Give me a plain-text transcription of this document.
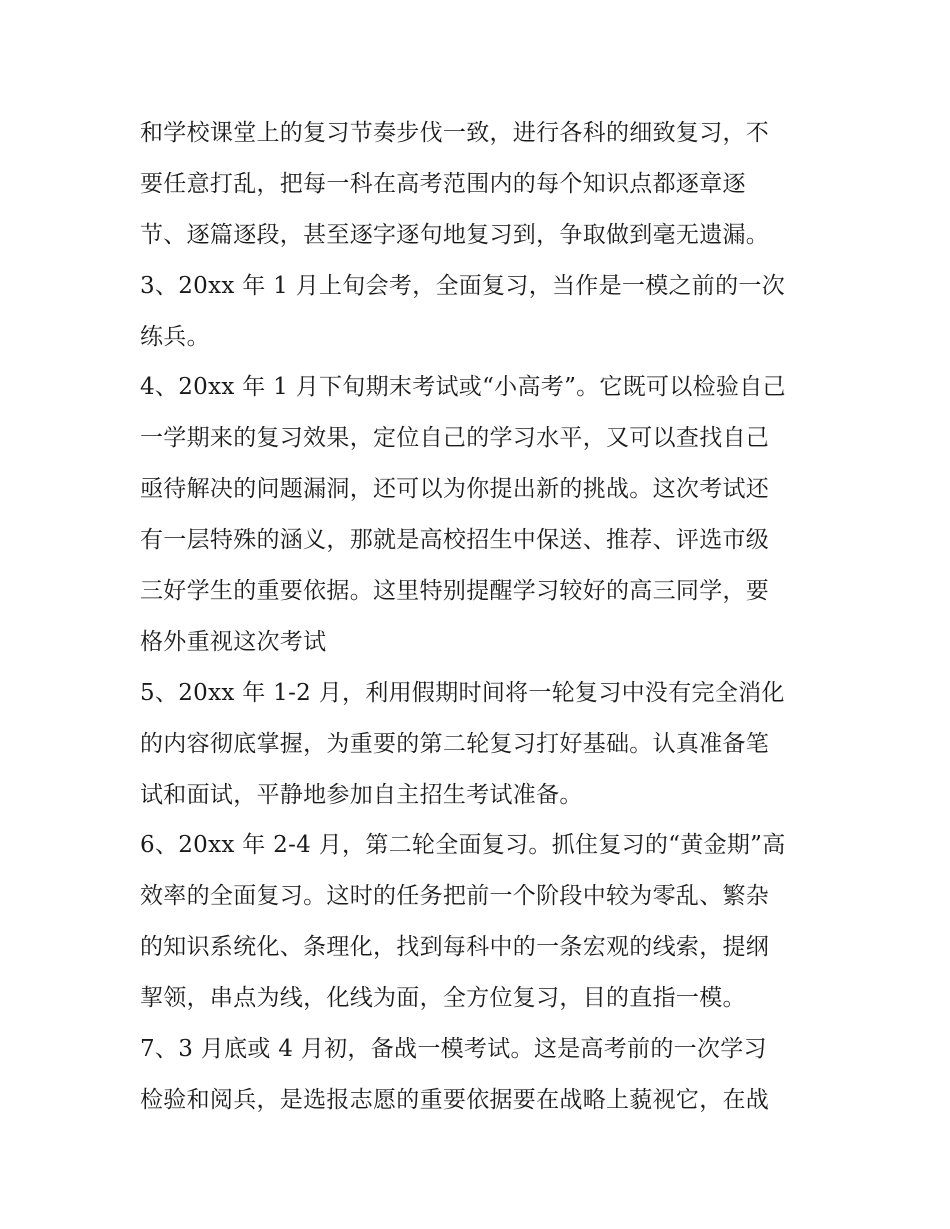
和学校课堂上的复习节奏步伐一致，进行各科的细致复习，不
要任意打乱，把每一科在高考范围内的每个知识点都逐章逐
节、逐篇逐段，甚至逐字逐句地复习到，争取做到毫无遗漏。
3、20xx 年 1 月上旬会考，全面复习，当作是一模之前的一次
练兵。
4、20xx 年 1 月下旬期末考试或“小高考”。它既可以检验自己
一学期来的复习效果，定位自己的学习水平，又可以查找自己
亟待解决的问题漏洞，还可以为你提出新的挑战。这次考试还
有一层特殊的涵义，那就是高校招生中保送、推荐、评选市级
三好学生的重要依据。这里特别提醒学习较好的高三同学，要
格外重视这次考试
5、20xx 年 1-2 月，利用假期时间将一轮复习中没有完全消化
的内容彻底掌握，为重要的第二轮复习打好基础。认真准备笔
试和面试，平静地参加自主招生考试准备。
6、20xx 年 2-4 月，第二轮全面复习。抓住复习的“黄金期”高
效率的全面复习。这时的任务把前一个阶段中较为零乱、繁杂
的知识系统化、条理化，找到每科中的一条宏观的线索，提纲
挈领，串点为线，化线为面，全方位复习，目的直指一模。
7、3 月底或 4 月初，备战一模考试。这是高考前的一次学习
检验和阅兵，是选报志愿的重要依据要在战略上藐视它，在战
